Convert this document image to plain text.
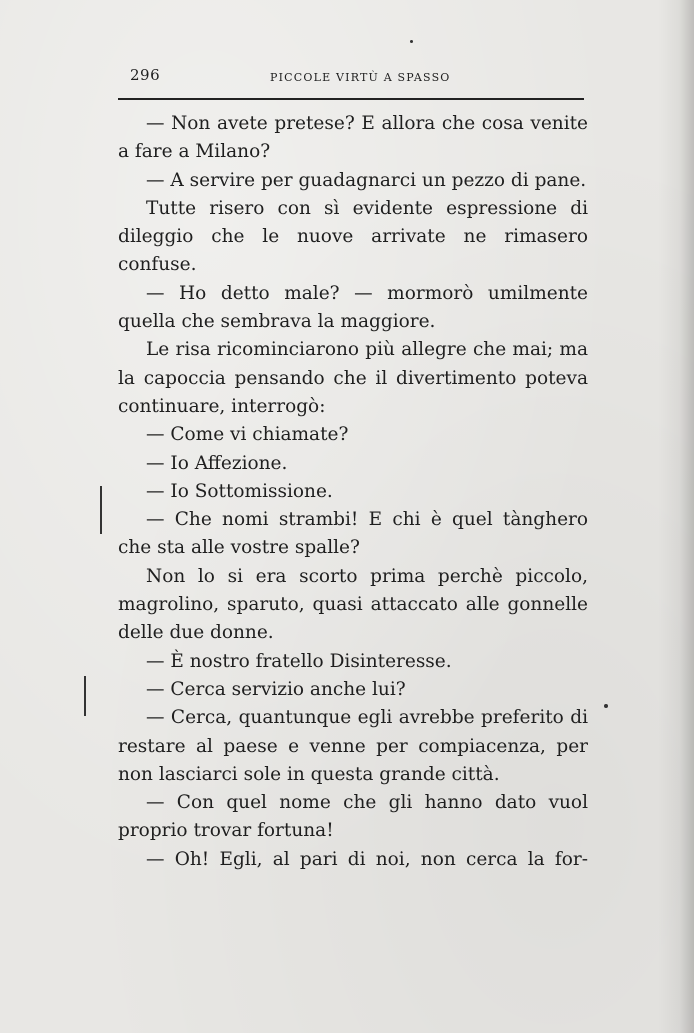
296	PICCOLE VIRTÙ A SPASSO

— Non avete pretese? E allora che cosa venite a fare a Milano?

— A servire per guadagnarci un pezzo di pane.

Tutte risero con sì evidente espressione di dileggio che le nuove arrivate ne rimasero confuse.

— Ho detto male? — mormorò umilmente quella che sembrava la maggiore.

Le risa ricominciarono più allegre che mai; ma la capoccia pensando che il divertimento poteva continuare, interrogò:

— Come vi chiamate?

— Io Affezione.

— Io Sottomissione.

— Che nomi strambi! E chi è quel tànghero che sta alle vostre spalle?

Non lo si era scorto prima perchè piccolo, magrolino, sparuto, quasi attaccato alle gonnelle delle due donne.

— È nostro fratello Disinteresse.

— Cerca servizio anche lui?

— Cerca, quantunque egli avrebbe preferito di restare al paese e venne per compiacenza, per non lasciarci sole in questa grande città.

— Con quel nome che gli hanno dato vuol proprio trovar fortuna!

— Oh! Egli, al pari di noi, non cerca la for-
